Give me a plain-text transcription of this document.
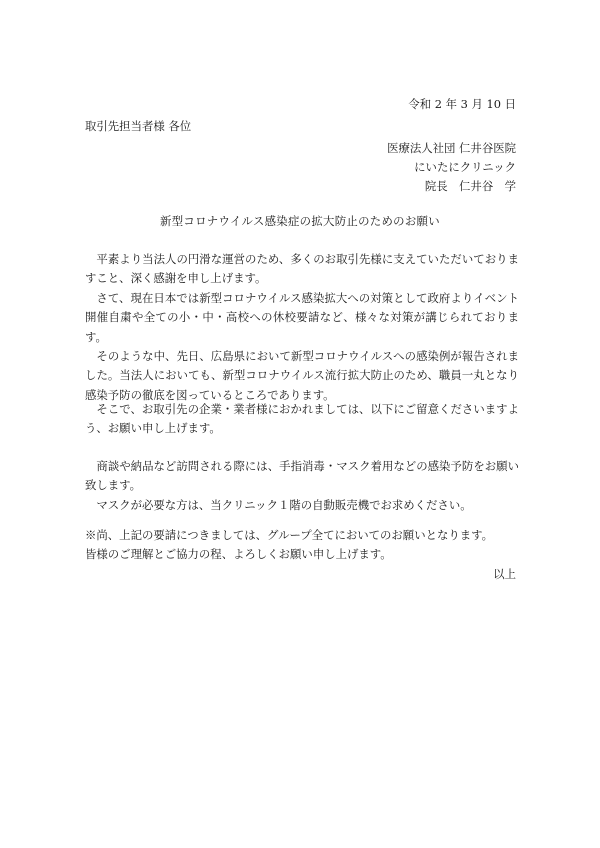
令和 2 年 3 月 10 日
取引先担当者様 各位
医療法人社団 仁井谷医院
にいたにクリニック
院長　仁井谷　学
新型コロナウイルス感染症の拡大防止のためのお願い

平素より当法人の円滑な運営のため、多くのお取引先様に支えていただいておりますこと、深く感謝を申し上げます。

さて、現在日本では新型コロナウイルス感染拡大への対策として政府よりイベント開催自粛や全ての小・中・高校への休校要請など、様々な対策が講じられております。

そのような中、先日、広島県において新型コロナウイルスへの感染例が報告されました。当法人においても、新型コロナウイルス流行拡大防止のため、職員一丸となり感染予防の徹底を図っているところであります。

そこで、お取引先の企業・業者様におかれましては、以下にご留意くださいますよう、お願い申し上げます。

商談や納品など訪問される際には、手指消毒・マスク着用などの感染予防をお願い致します。

マスクが必要な方は、当クリニック１階の自動販売機でお求めください。

※尚、上記の要請につきましては、グループ全てにおいてのお願いとなります。

皆様のご理解とご協力の程、よろしくお願い申し上げます。

以上
